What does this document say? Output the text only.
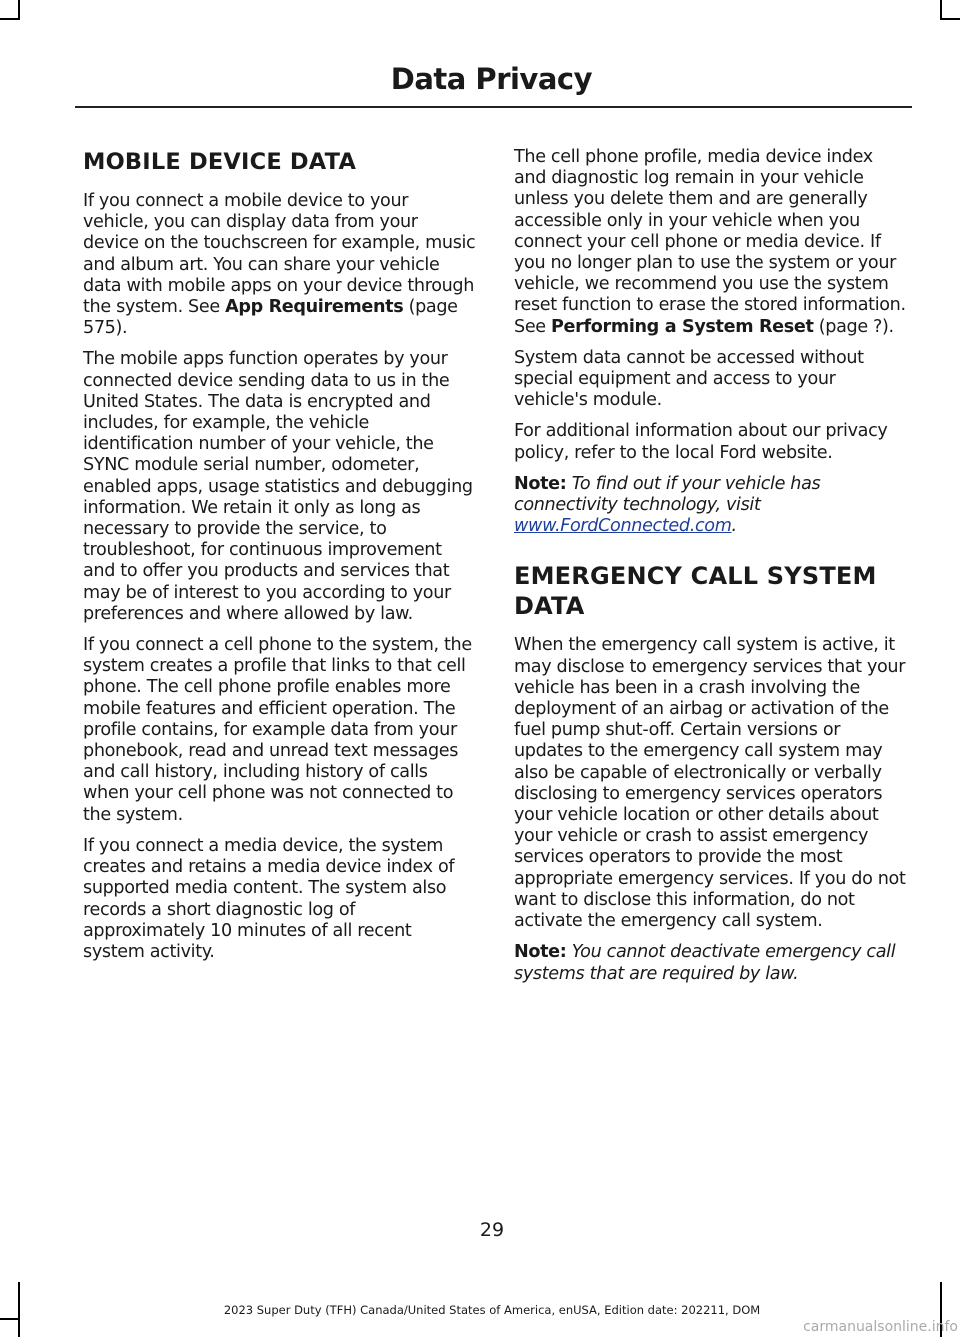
Data Privacy
MOBILE DEVICE DATA

If you connect a mobile device to your vehicle, you can display data from your device on the touchscreen for example, music and album art. You can share your vehicle data with mobile apps on your device through the system. See App Requirements (page 575).

The mobile apps function operates by your connected device sending data to us in the United States. The data is encrypted and includes, for example, the vehicle identification number of your vehicle, the SYNC module serial number, odometer, enabled apps, usage statistics and debugging information. We retain it only as long as necessary to provide the service, to troubleshoot, for continuous improvement and to offer you products and services that may be of interest to you according to your preferences and where allowed by law.

If you connect a cell phone to the system, the system creates a profile that links to that cell phone. The cell phone profile enables more mobile features and efficient operation. The profile contains, for example data from your phonebook, read and unread text messages and call history, including history of calls when your cell phone was not connected to the system.

If you connect a media device, the system creates and retains a media device index of supported media content. The system also records a short diagnostic log of approximately 10 minutes of all recent system activity.

The cell phone profile, media device index and diagnostic log remain in your vehicle unless you delete them and are generally accessible only in your vehicle when you connect your cell phone or media device. If you no longer plan to use the system or your vehicle, we recommend you use the system reset function to erase the stored information. See Performing a System Reset (page ?).

System data cannot be accessed without special equipment and access to your vehicle's module.

For additional information about our privacy policy, refer to the local Ford website.

Note: To find out if your vehicle has connectivity technology, visit www.FordConnected.com.

EMERGENCY CALL SYSTEM
DATA

When the emergency call system is active, it may disclose to emergency services that your vehicle has been in a crash involving the deployment of an airbag or activation of the fuel pump shut-off. Certain versions or updates to the emergency call system may also be capable of electronically or verbally disclosing to emergency services operators your vehicle location or other details about your vehicle or crash to assist emergency services operators to provide the most appropriate emergency services. If you do not want to disclose this information, do not activate the emergency call system.

Note: You cannot deactivate emergency call systems that are required by law.

29
2023 Super Duty (TFH) Canada/United States of America, enUSA, Edition date: 202211, DOM
carmanualsonline.info
